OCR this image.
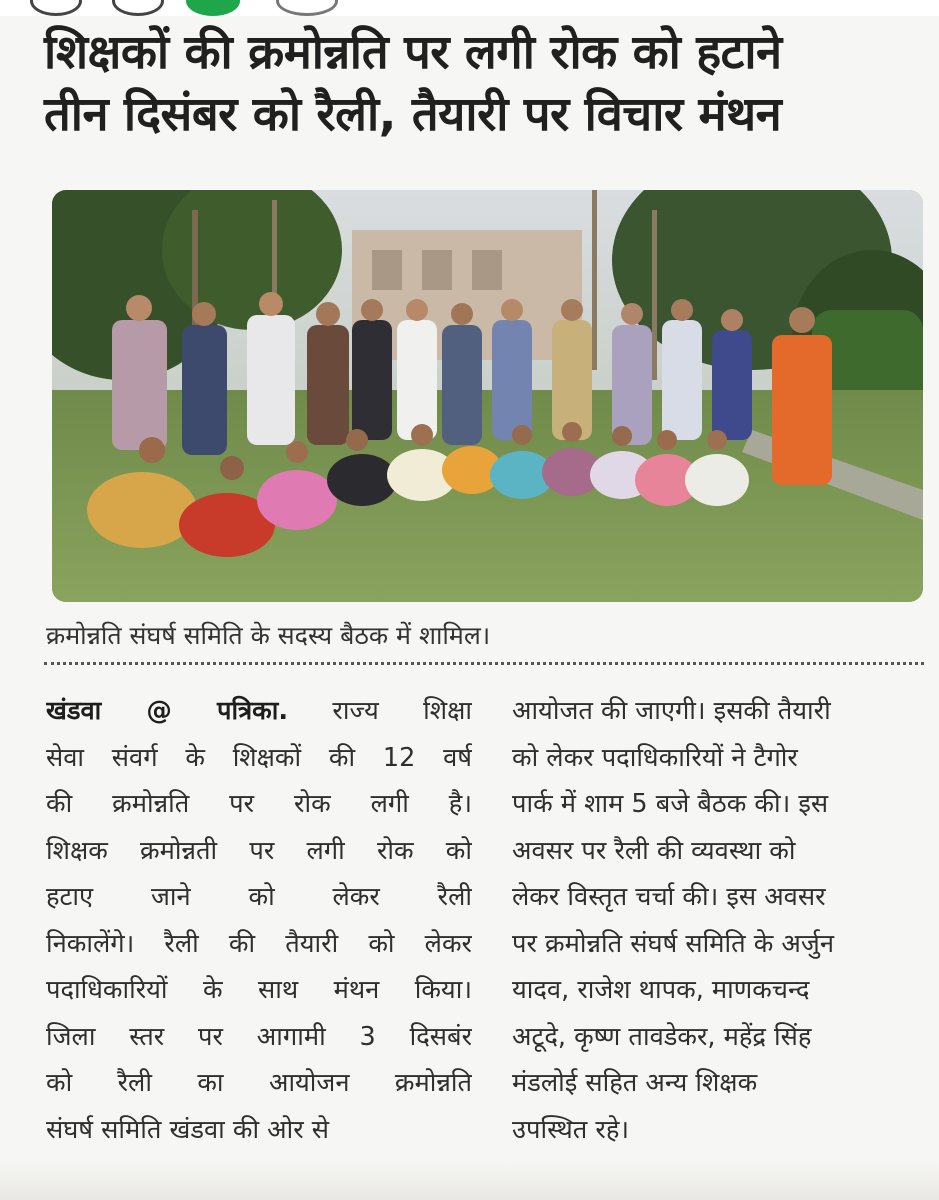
शिक्षकों की क्रमोन्नति पर लगी रोक को हटाने
तीन दिसंबर को रैली, तैयारी पर विचार मंथन
क्रमोन्नति संघर्ष समिति के सदस्य बैठक में शामिल।
खंडवा @ पत्रिका. राज्य शिक्षा
सेवा संवर्ग के शिक्षकों की 12 वर्ष
की क्रमोन्नति पर रोक लगी है।
शिक्षक क्रमोन्नती पर लगी रोक को
हटाए जाने को लेकर रैली
निकालेंगे। रैली की तैयारी को लेकर
पदाधिकारियों के साथ मंथन किया।
जिला स्तर पर आगामी 3 दिसबंर
को रैली का आयोजन क्रमोन्नति
संघर्ष समिति खंडवा की ओर से
आयोजत की जाएगी। इसकी तैयारी
को लेकर पदाधिकारियों ने टैगोर
पार्क में शाम 5 बजे बैठक की। इस
अवसर पर रैली की व्यवस्था को
लेकर विस्तृत चर्चा की। इस अवसर
पर क्रमोन्नति संघर्ष समिति के अर्जुन
यादव, राजेश थापक, माणकचन्द
अटूदे, कृष्ण तावडेकर, महेंद्र सिंह
मंडलोई सहित अन्य शिक्षक
उपस्थित रहे।
